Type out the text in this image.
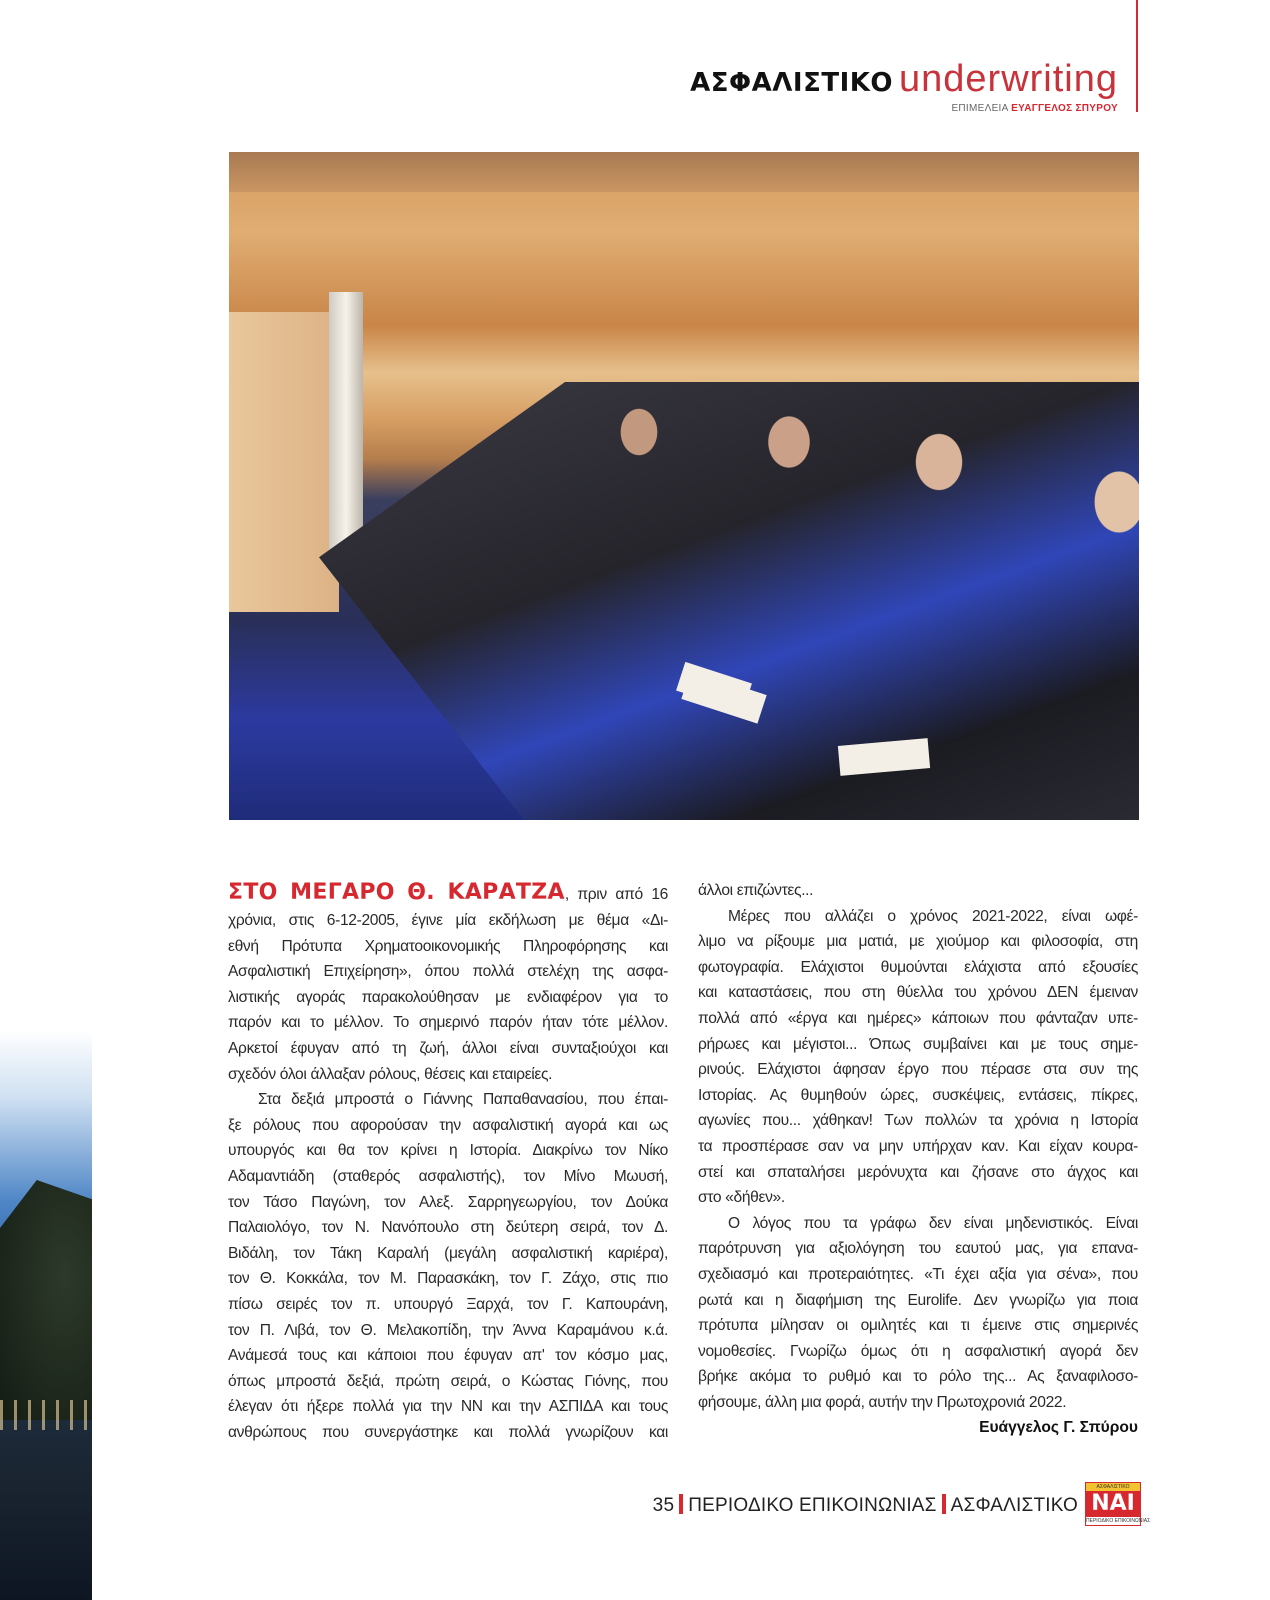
ΑΣΦΑΛΙΣΤΙΚΟ underwriting
ΕΠΙΜΕΛΕΙΑ ΕΥΑΓΓΕΛΟΣ ΣΠΥΡΟΥ
ΣΤΟ ΜΕΓΑΡΟ Θ. ΚΑΡΑΤΖΑ, πριν από 16
χρόνια, στις 6-12-2005, έγινε μία εκδήλωση με θέμα «Δι-
εθνή Πρότυπα Χρηματοοικονομικής Πληροφόρησης και
Ασφαλιστική Επιχείρηση», όπου πολλά στελέχη της ασφα-
λιστικής αγοράς παρακολούθησαν με ενδιαφέρον για το
παρόν και το μέλλον. Το σημερινό παρόν ήταν τότε μέλλον.
Αρκετοί έφυγαν από τη ζωή, άλλοι είναι συνταξιούχοι και
σχεδόν όλοι άλλαξαν ρόλους, θέσεις και εταιρείες.
Στα δεξιά μπροστά ο Γιάννης Παπαθανασίου, που έπαι-
ξε ρόλους που αφορούσαν την ασφαλιστική αγορά και ως
υπουργός και θα τον κρίνει η Ιστορία. Διακρίνω τον Νίκο
Αδαμαντιάδη (σταθερός ασφαλιστής), τον Μίνο Μωυσή,
τον Τάσο Παγώνη, τον Αλεξ. Σαρρηγεωργίου, τον Δούκα
Παλαιολόγο, τον Ν. Νανόπουλο στη δεύτερη σειρά, τον Δ.
Βιδάλη, τον Τάκη Καραλή (μεγάλη ασφαλιστική καριέρα),
τον Θ. Κοκκάλα, τον Μ. Παρασκάκη, τον Γ. Ζάχο, στις πιο
πίσω σειρές τον π. υπουργό Ξαρχά, τον Γ. Καπουράνη,
τον Π. Λιβά, τον Θ. Μελακοπίδη, την Άννα Καραμάνου κ.ά.
Ανάμεσά τους και κάποιοι που έφυγαν απ' τον κόσμο μας,
όπως μπροστά δεξιά, πρώτη σειρά, ο Κώστας Γιόνης, που
έλεγαν ότι ήξερε πολλά για την ΝΝ και την ΑΣΠΙΔΑ και τους
ανθρώπους που συνεργάστηκε και πολλά γνωρίζουν και
άλλοι επιζώντες...
Μέρες που αλλάζει ο χρόνος 2021-2022, είναι ωφέ-
λιμο να ρίξουμε μια ματιά, με χιούμορ και φιλοσοφία, στη
φωτογραφία. Ελάχιστοι θυμούνται ελάχιστα από εξουσίες
και καταστάσεις, που στη θύελλα του χρόνου ΔΕΝ έμειναν
πολλά από «έργα και ημέρες» κάποιων που φάνταζαν υπε-
ρήρωες και μέγιστοι... Όπως συμβαίνει και με τους σημε-
ρινούς. Ελάχιστοι άφησαν έργο που πέρασε στα συν της
Ιστορίας. Ας θυμηθούν ώρες, συσκέψεις, εντάσεις, πίκρες,
αγωνίες που... χάθηκαν! Των πολλών τα χρόνια η Ιστορία
τα προσπέρασε σαν να μην υπήρχαν καν. Και είχαν κουρα-
στεί και σπαταλήσει μερόνυχτα και ζήσανε στο άγχος και
στο «δήθεν».
Ο λόγος που τα γράφω δεν είναι μηδενιστικός. Είναι
παρότρυνση για αξιολόγηση του εαυτού μας, για επανα-
σχεδιασμό και προτεραιότητες. «Τι έχει αξία για σένα», που
ρωτά και η διαφήμιση της Eurolife. Δεν γνωρίζω για ποια
πρότυπα μίλησαν οι ομιλητές και τι έμεινε στις σημερινές
νομοθεσίες. Γνωρίζω όμως ότι η ασφαλιστική αγορά δεν
βρήκε ακόμα το ρυθμό και το ρόλο της... Ας ξαναφιλοσο-
φήσουμε, άλλη μια φορά, αυτήν την Πρωτοχρονιά 2022.
Ευάγγελος Γ. Σπύρου
35 ΠΕΡΙΟΔΙΚΟ ΕΠΙΚΟΙΝΩΝΙΑΣ ΑΣΦΑΛΙΣΤΙΚΟ
ΑΣΦΑΛΙΣΤΙΚΟ
ΝΑΙ
ΠΕΡΙΟΔΙΚΟ ΕΠΙΚΟΙΝΩΝΙΑΣ
